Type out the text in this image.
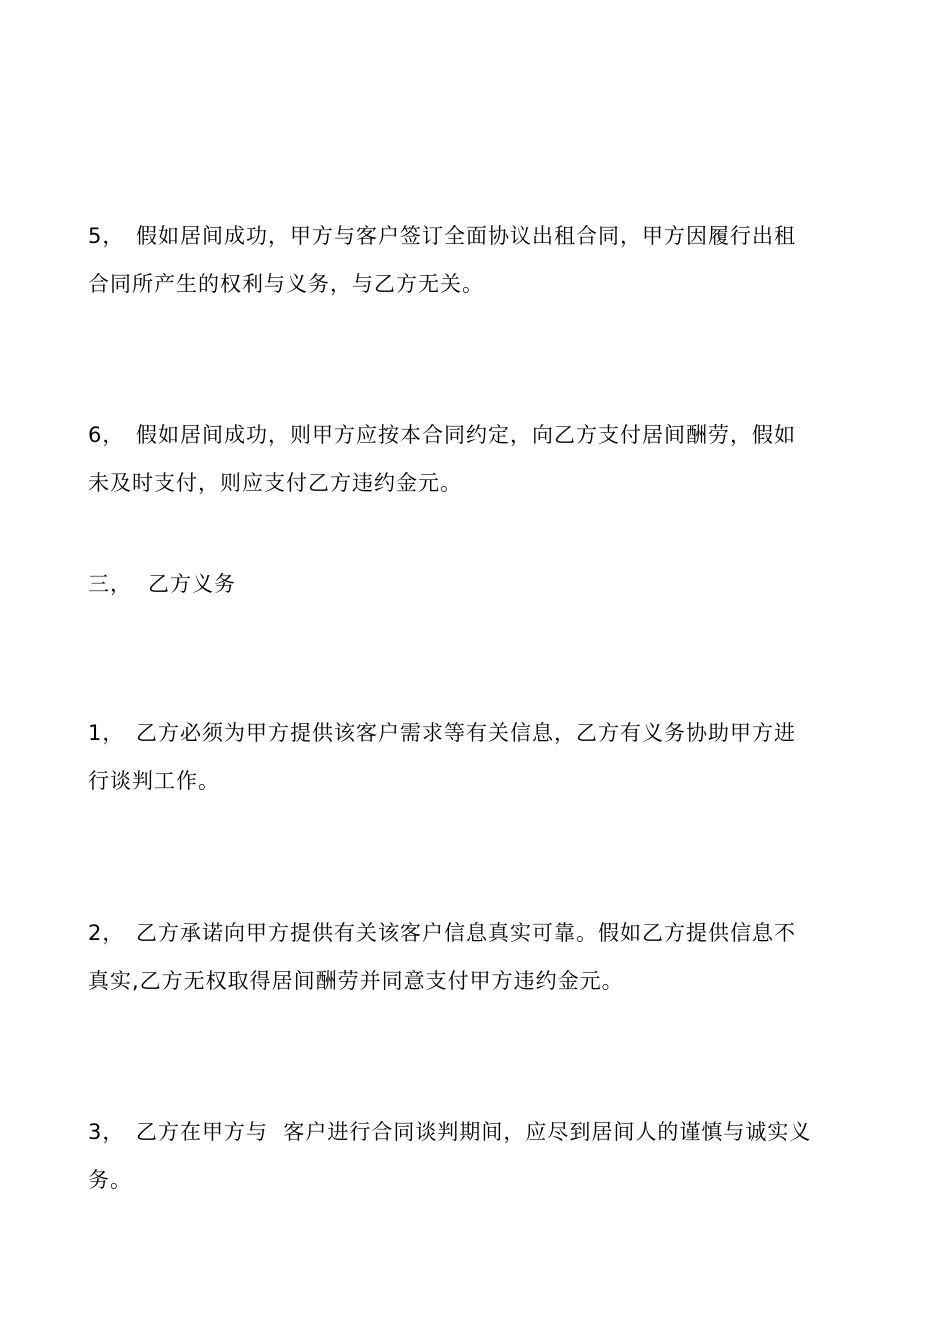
5， 假如居间成功，甲方与客户签订全面协议出租合同，甲方因履行出租
合同所产生的权利与义务，与乙方无关。

6， 假如居间成功，则甲方应按本合同约定，向乙方支付居间酬劳，假如
未及时支付，则应支付乙方违约金元。

三， 乙方义务

1， 乙方必须为甲方提供该客户需求等有关信息，乙方有义务协助甲方进
行谈判工作。

2， 乙方承诺向甲方提供有关该客户信息真实可靠。假如乙方提供信息不
真实,乙方无权取得居间酬劳并同意支付甲方违约金元。

3， 乙方在甲方与  客户进行合同谈判期间，应尽到居间人的谨慎与诚实义
务。
